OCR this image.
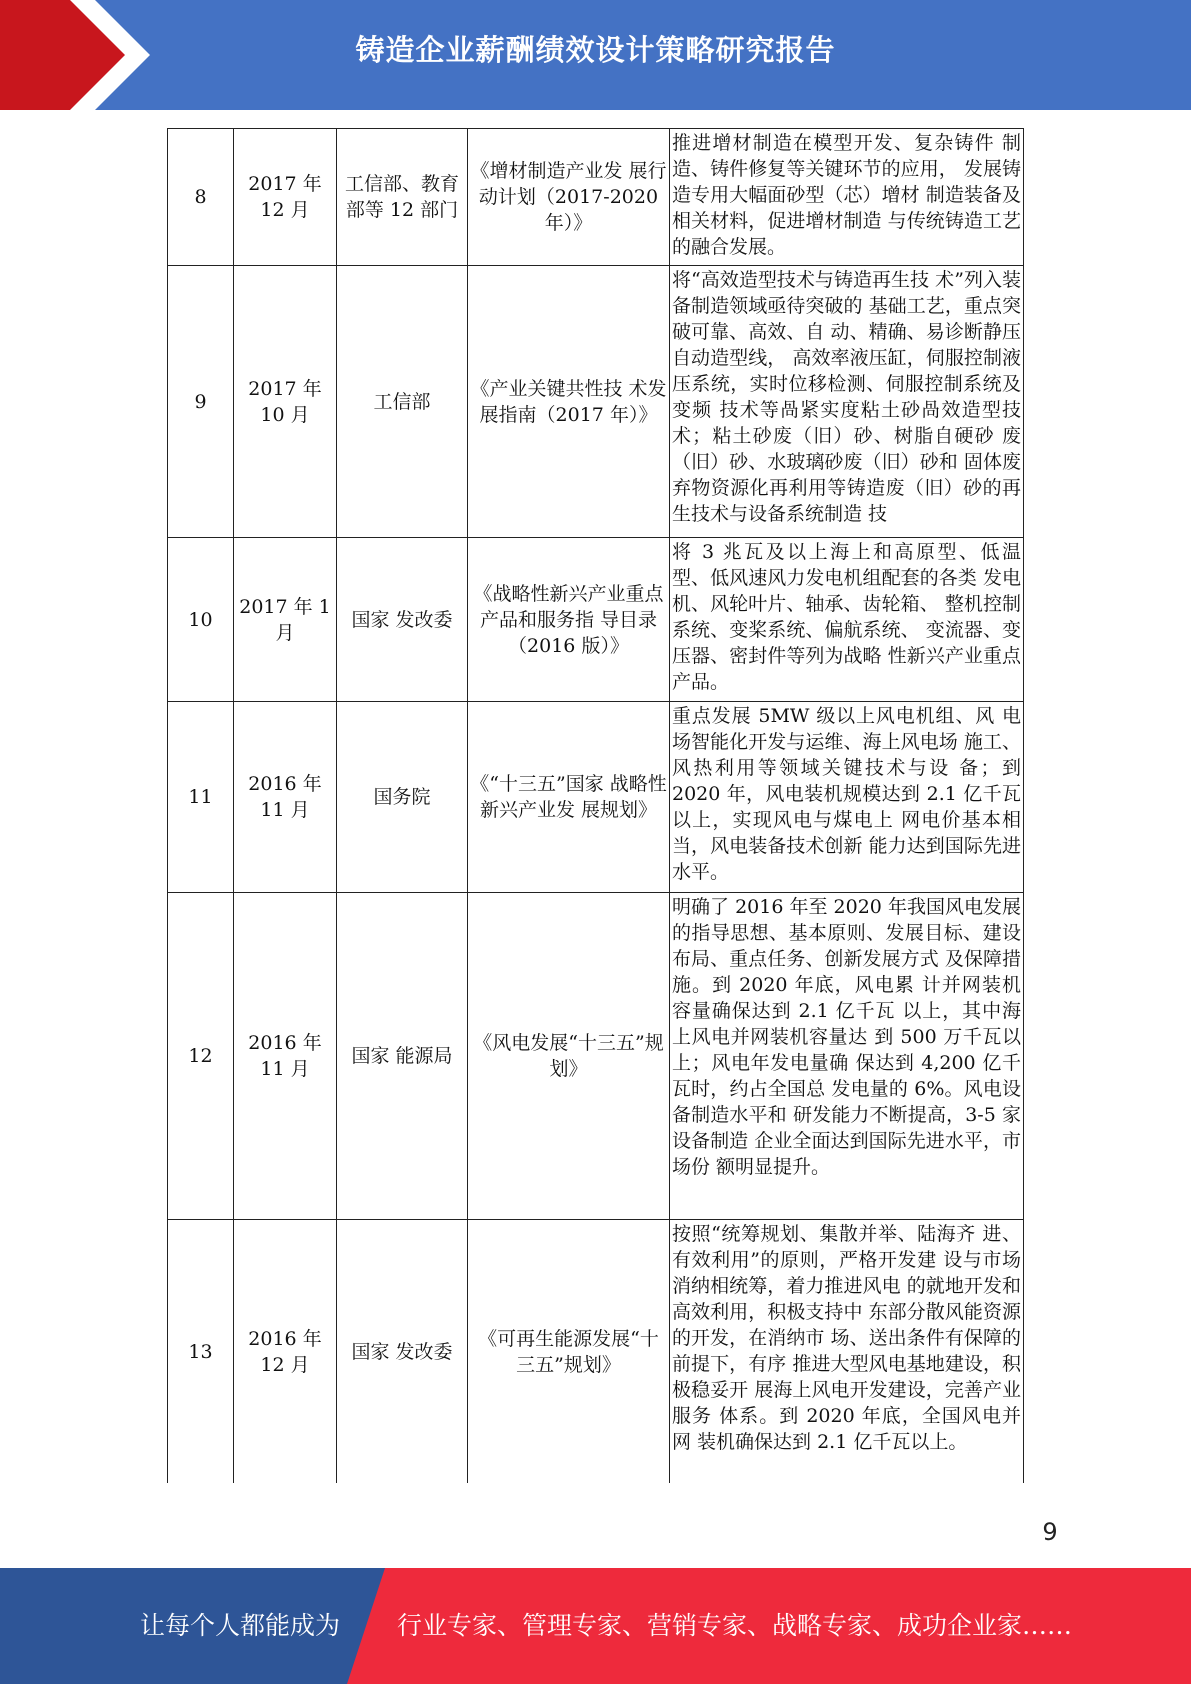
铸造企业薪酬绩效设计策略研究报告
8	2017 年 12 月	工信部、教育部等 12 部门	《增材制造产业发 展行动计划（2017-2020 年）》	推进增材制造在模型开发、复杂铸件 制造、铸件修复等关键环节的应用， 发展铸造专用大幅面砂型（芯）增材 制造装备及相关材料，促进增材制造 与传统铸造工艺的融合发展。
9	2017 年 10 月	工信部	《产业关键共性技 术发展指南（2017 年）》	将“高效造型技术与铸造再生技 术”列入装备制造领域亟待突破的 基础工艺，重点突破可靠、高效、自 动、精确、易诊断静压自动造型线， 高效率液压缸，伺服控制液压系统，实时位移检测、伺服控制系统及变频 技术等咼紧实度粘土砂咼效造型技 术；粘土砂废（旧）砂、树脂自硬砂 废（旧）砂、水玻璃砂废（旧）砂和 固体废弃物资源化再利用等铸造废（旧）砂的再生技术与设备系统制造 技
10	2017 年 1 月	国家 发改委	《战略性新兴产业重点产品和服务指 导目录（2016 版）》	将 3 兆瓦及以上海上和高原型、低温 型、低风速风力发电机组配套的各类 发电机、风轮叶片、轴承、齿轮箱、 整机控制系统、变桨系统、偏航系统、 变流器、变压器、密封件等列为战略 性新兴产业重点产品。
11	2016 年 11 月	国务院	《“十三五”国家 战略性新兴产业发 展规划》	重点发展 5MW 级以上风电机组、风 电场智能化开发与运维、海上风电场 施工、风热利用等领域关键技术与设 备；到 2020 年，风电装机规模达到 2.1 亿千瓦以上，实现风电与煤电上 网电价基本相当，风电装备技术创新 能力达到国际先进水平。
12	2016 年 11 月	国家 能源局	《风电发展“十三五”规划》	明确了 2016 年至 2020 年我国风电发展的指导思想、基本原则、发展目标、建设布局、重点任务、创新发展方式 及保障措施。到 2020 年底，风电累 计并网装机容量确保达到 2.1 亿千瓦 以上，其中海上风电并网装机容量达 到 500 万千瓦以上；风电年发电量确 保达到 4,200 亿千瓦时，约占全国总 发电量的 6%。风电设备制造水平和 研发能力不断提高，3-5 家设备制造 企业全面达到国际先进水平，市场份 额明显提升。
13	2016 年 12 月	国家 发改委	《可再生能源发展“十三五”规划》	按照“统筹规划、集散并举、陆海齐 进、有效利用”的原则，严格开发建 设与市场消纳相统筹，着力推进风电 的就地开发和高效利用，积极支持中 东部分散风能资源的开发，在消纳市 场、送出条件有保障的前提下，有序 推进大型风电基地建设，积极稳妥开 展海上风电开发建设，完善产业服务 体系。到 2020 年底，全国风电并网 装机确保达到 2.1 亿千瓦以上。
9
让每个人都能成为 行业专家、管理专家、营销专家、战略专家、成功企业家……
